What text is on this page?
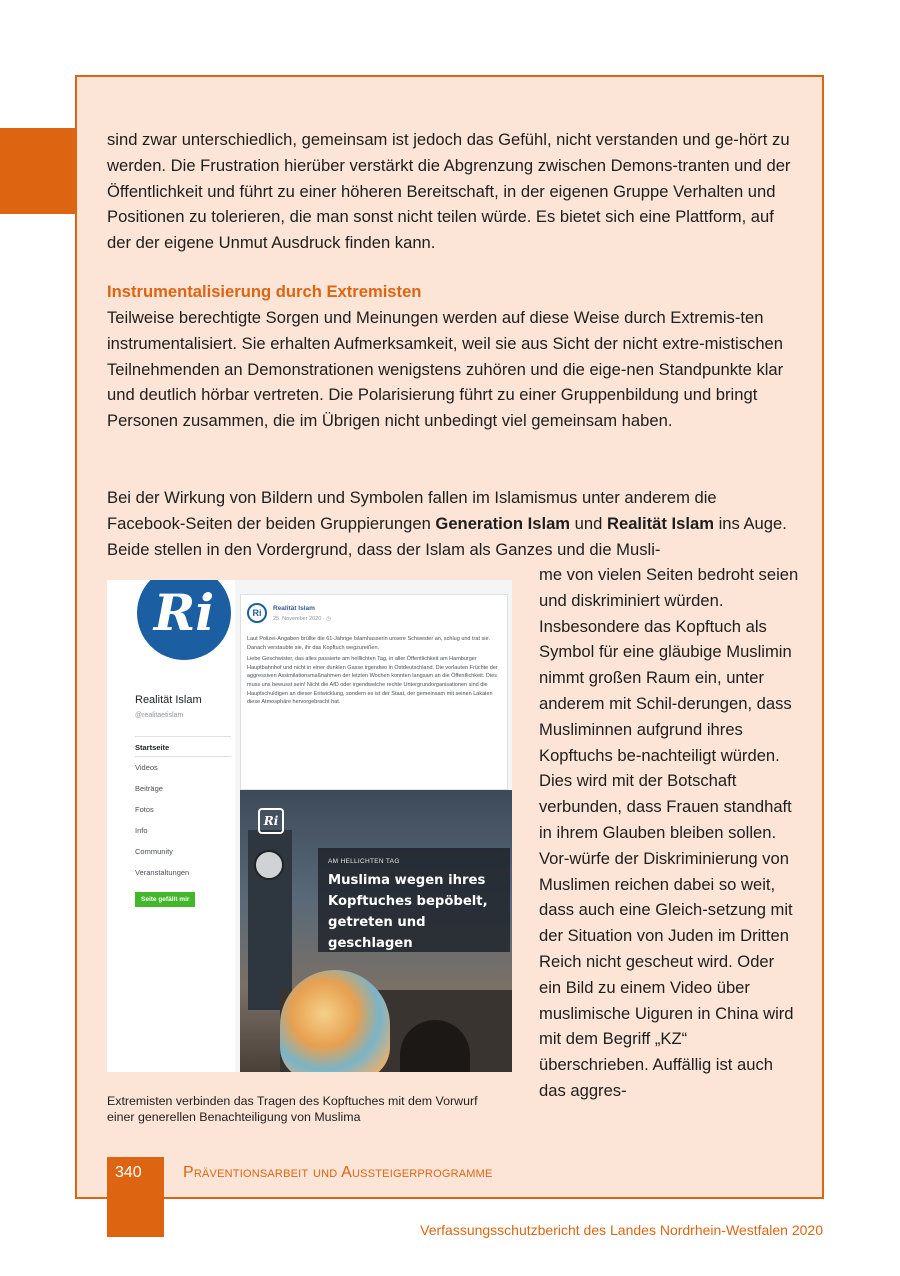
sind zwar unterschiedlich, gemeinsam ist jedoch das Gefühl, nicht verstanden und ge-hört zu werden. Die Frustration hierüber verstärkt die Abgrenzung zwischen Demons-tranten und der Öffentlichkeit und führt zu einer höheren Bereitschaft, in der eigenen Gruppe Verhalten und Positionen zu tolerieren, die man sonst nicht teilen würde. Es bietet sich eine Plattform, auf der der eigene Unmut Ausdruck finden kann.
Instrumentalisierung durch Extremisten
Teilweise berechtigte Sorgen und Meinungen werden auf diese Weise durch Extremis-ten instrumentalisiert. Sie erhalten Aufmerksamkeit, weil sie aus Sicht der nicht extre-mistischen Teilnehmenden an Demonstrationen wenigstens zuhören und die eige-nen Standpunkte klar und deutlich hörbar vertreten. Die Polarisierung führt zu einer Gruppenbildung und bringt Personen zusammen, die im Übrigen nicht unbedingt viel gemeinsam haben.
Bei der Wirkung von Bildern und Symbolen fallen im Islamismus unter anderem die Facebook-Seiten der beiden Gruppierungen Generation Islam und Realität Islam ins Auge. Beide stellen in den Vordergrund, dass der Islam als Ganzes und die Musli-
Ri
Realität Islam
@realitaetislam
Startseite
Videos
Beiträge
Fotos
Info
Community
Veranstaltungen
Seite gefällt mir
Ri	Realität Islam
25. November 2020 · ◷

Laut Polizei-Angaben brüllte die 61-Jährige Islamhasserin unsere Schwester an, schlug und trat sie. Danach verstaubte sie, ihr das Kopftuch wegzureißen.

Liebe Geschwister, das alles passierte am helllichten Tag, in aller Öffentlichkeit am Hamburger Hauptbahnhof und nicht in einer dunklen Gasse irgendwo in Ostdeutschland. Die vorlauten Früchte der aggressiven Assimilationsmaßnahmen der letzten Wochen konnten langsam an die Öffentlichkeit. Dies muss uns bewusst sein! Nicht die AfD oder irgendwelche rechte Untergrundorganisationen sind die Hauptschuldigen an dieser Entwicklung, sondern es ist der Staat, der gemeinsam mit seinen Lakaien diese Atmosphäre hervorgebracht hat.

Ri
AM HELLICHTEN TAG
Muslima wegen ihres
Kopftuches bepöbelt,
getreten und geschlagen
Extremisten verbinden das Tragen des Kopftuches mit dem Vorwurf
einer generellen Benachteiligung von Muslima
me von vielen Seiten bedroht seien und diskriminiert würden. Insbesondere das Kopftuch als Symbol für eine gläubige Muslimin nimmt großen Raum ein, unter anderem mit Schil-derungen, dass Musliminnen aufgrund ihres Kopftuchs be-nachteiligt würden. Dies wird mit der Botschaft verbunden, dass Frauen standhaft in ihrem Glauben bleiben sollen. Vor-würfe der Diskriminierung von Muslimen reichen dabei so weit, dass auch eine Gleich-setzung mit der Situation von Juden im Dritten Reich nicht gescheut wird. Oder ein Bild zu einem Video über muslimische Uiguren in China wird mit dem Begriff „KZ“ überschrieben. Auffällig ist auch das aggres-
340	Präventionsarbeit und Aussteigerprogramme
Verfassungsschutzbericht des Landes Nordrhein-Westfalen 2020
